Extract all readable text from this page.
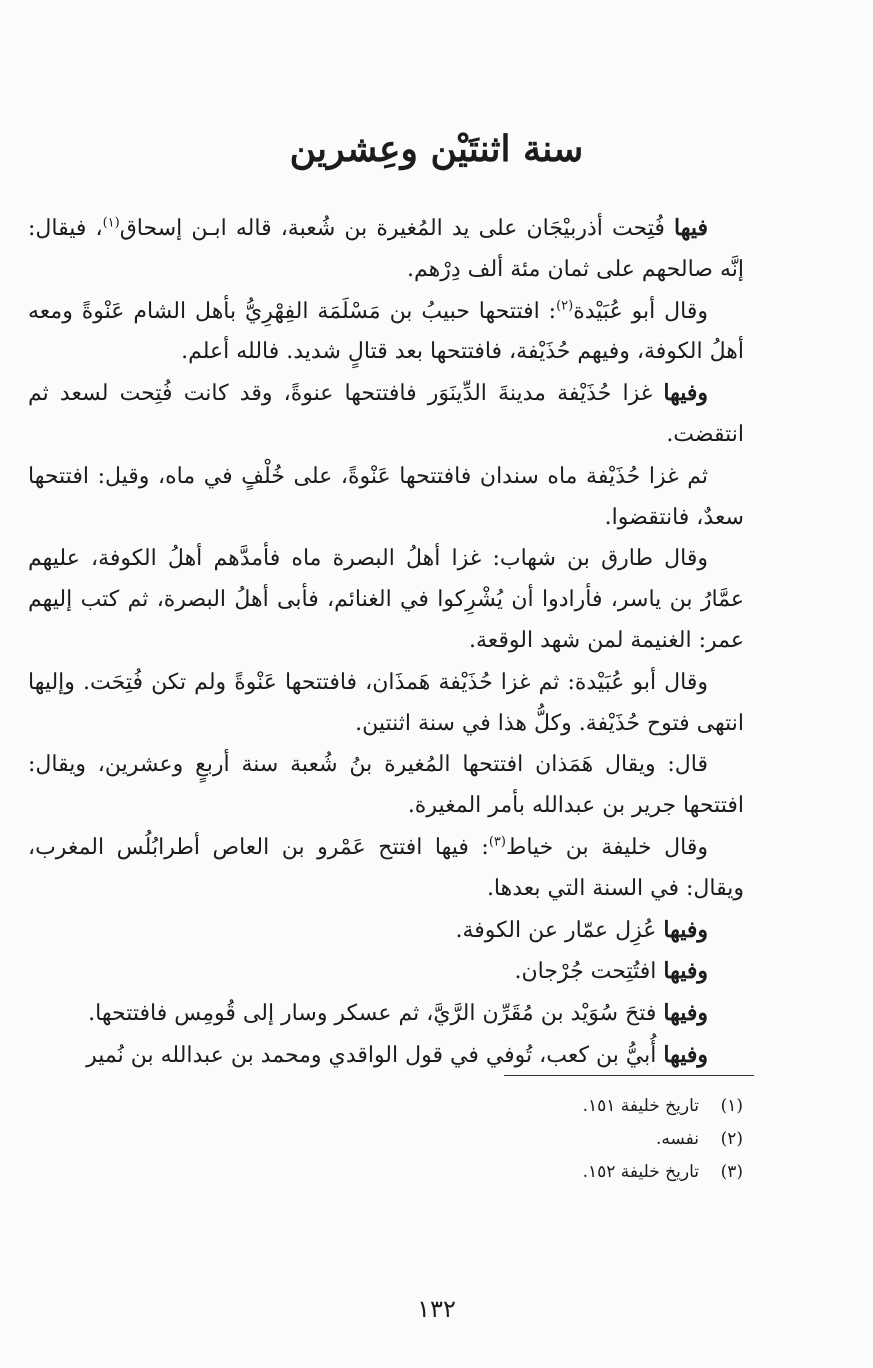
سنة اثنتَيْن وعِشرين

فيها فُتِحت أذربيْجَان على يد المُغيرة بن شُعبة، قاله ابـن إسحاق$^{(١)}$، فيقال: إنَّه صالحهم على ثمان مئة ألف دِرْهم.

وقال أبو عُبَيْدة$^{(٢)}$: افتتحها حبيبُ بن مَسْلَمَة الفِهْرِيُّ بأهل الشام عَنْوةً ومعه أهلُ الكوفة، وفيهم حُذَيْفة، فافتتحها بعد قتالٍ شديد. فالله أعلم.

وفيها غزا حُذَيْفة مدينةَ الدِّينَوَر فافتتحها عنوةً، وقد كانت فُتِحت لسعد ثم انتقضت.

ثم غزا حُذَيْفة ماه سندان فافتتحها عَنْوةً، على خُلْفٍ في ماه، وقيل: افتتحها سعدٌ، فانتقضوا.

وقال طارق بن شهاب: غزا أهلُ البصرة ماه فأمدَّهم أهلُ الكوفة، عليهم عمَّارُ بن ياسر، فأرادوا أن يُشْرِكوا في الغنائم، فأبى أهلُ البصرة، ثم كتب إليهم عمر: الغنيمة لمن شهد الوقعة.

وقال أبو عُبَيْدة: ثم غزا حُذَيْفة هَمذَان، فافتتحها عَنْوةً ولم تكن فُتِحَت. وإليها انتهى فتوح حُذَيْفة. وكلُّ هذا في سنة اثنتين.

قال: ويقال هَمَذان افتتحها المُغيرة بنُ شُعبة سنة أربعٍ وعشرين، ويقال: افتتحها جرير بن عبدالله بأمر المغيرة.

وقال خليفة بن خياط$^{(٣)}$: فيها افتتح عَمْرو بن العاص أطرابُلُس المغرب، ويقال: في السنة التي بعدها.

وفيها عُزِل عمّار عن الكوفة.

وفيها افتُتِحت جُرْجان.

وفيها فتحَ سُوَيْد بن مُقَرِّن الرَّيَّ، ثم عسكر وسار إلى قُومِس فافتتحها.

وفيها أُبيُّ بن كعب، تُوفي في قول الواقدي ومحمد بن عبدالله بن نُمير

(١)تاريخ خليفة ١٥١.
(٢)نفسه.
(٣)تاريخ خليفة ١٥٢.
١٣٢
